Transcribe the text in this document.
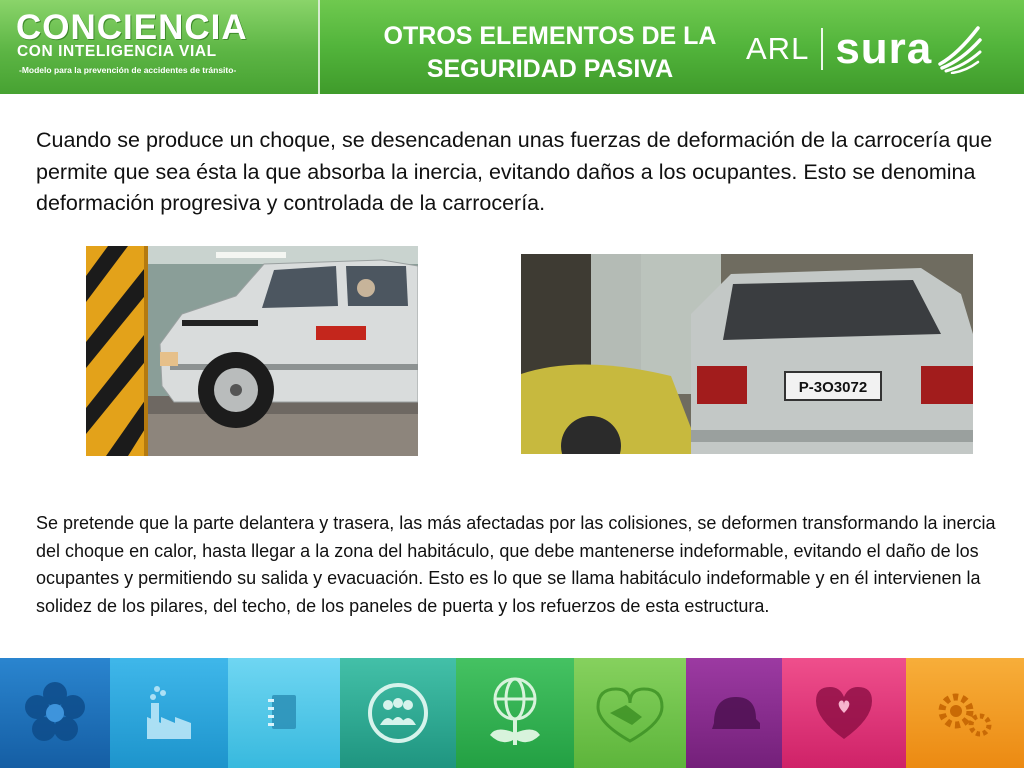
CONCIENCIA
CON INTELIGENCIA VIAL
-Modelo para la prevención de accidentes de tránsito-
OTROS ELEMENTOS DE LA
SEGURIDAD PASIVA
ARL sura
Cuando se produce un choque, se desencadenan unas fuerzas de deformación de la carrocería que permite que sea ésta la que absorba la inercia, evitando daños a los ocupantes. Esto se denomina deformación progresiva y controlada de la carrocería.
P-3O3072
Se pretende que la parte delantera y trasera, las más afectadas por las colisiones, se deformen transformando la inercia del choque en calor, hasta llegar a la zona del habitáculo, que debe mantenerse indeformable, evitando el daño de los ocupantes y permitiendo su salida y evacuación. Esto es lo que se llama habitáculo indeformable y en él intervienen la solidez de los pilares, del techo, de los paneles de puerta y los refuerzos de esta estructura.
